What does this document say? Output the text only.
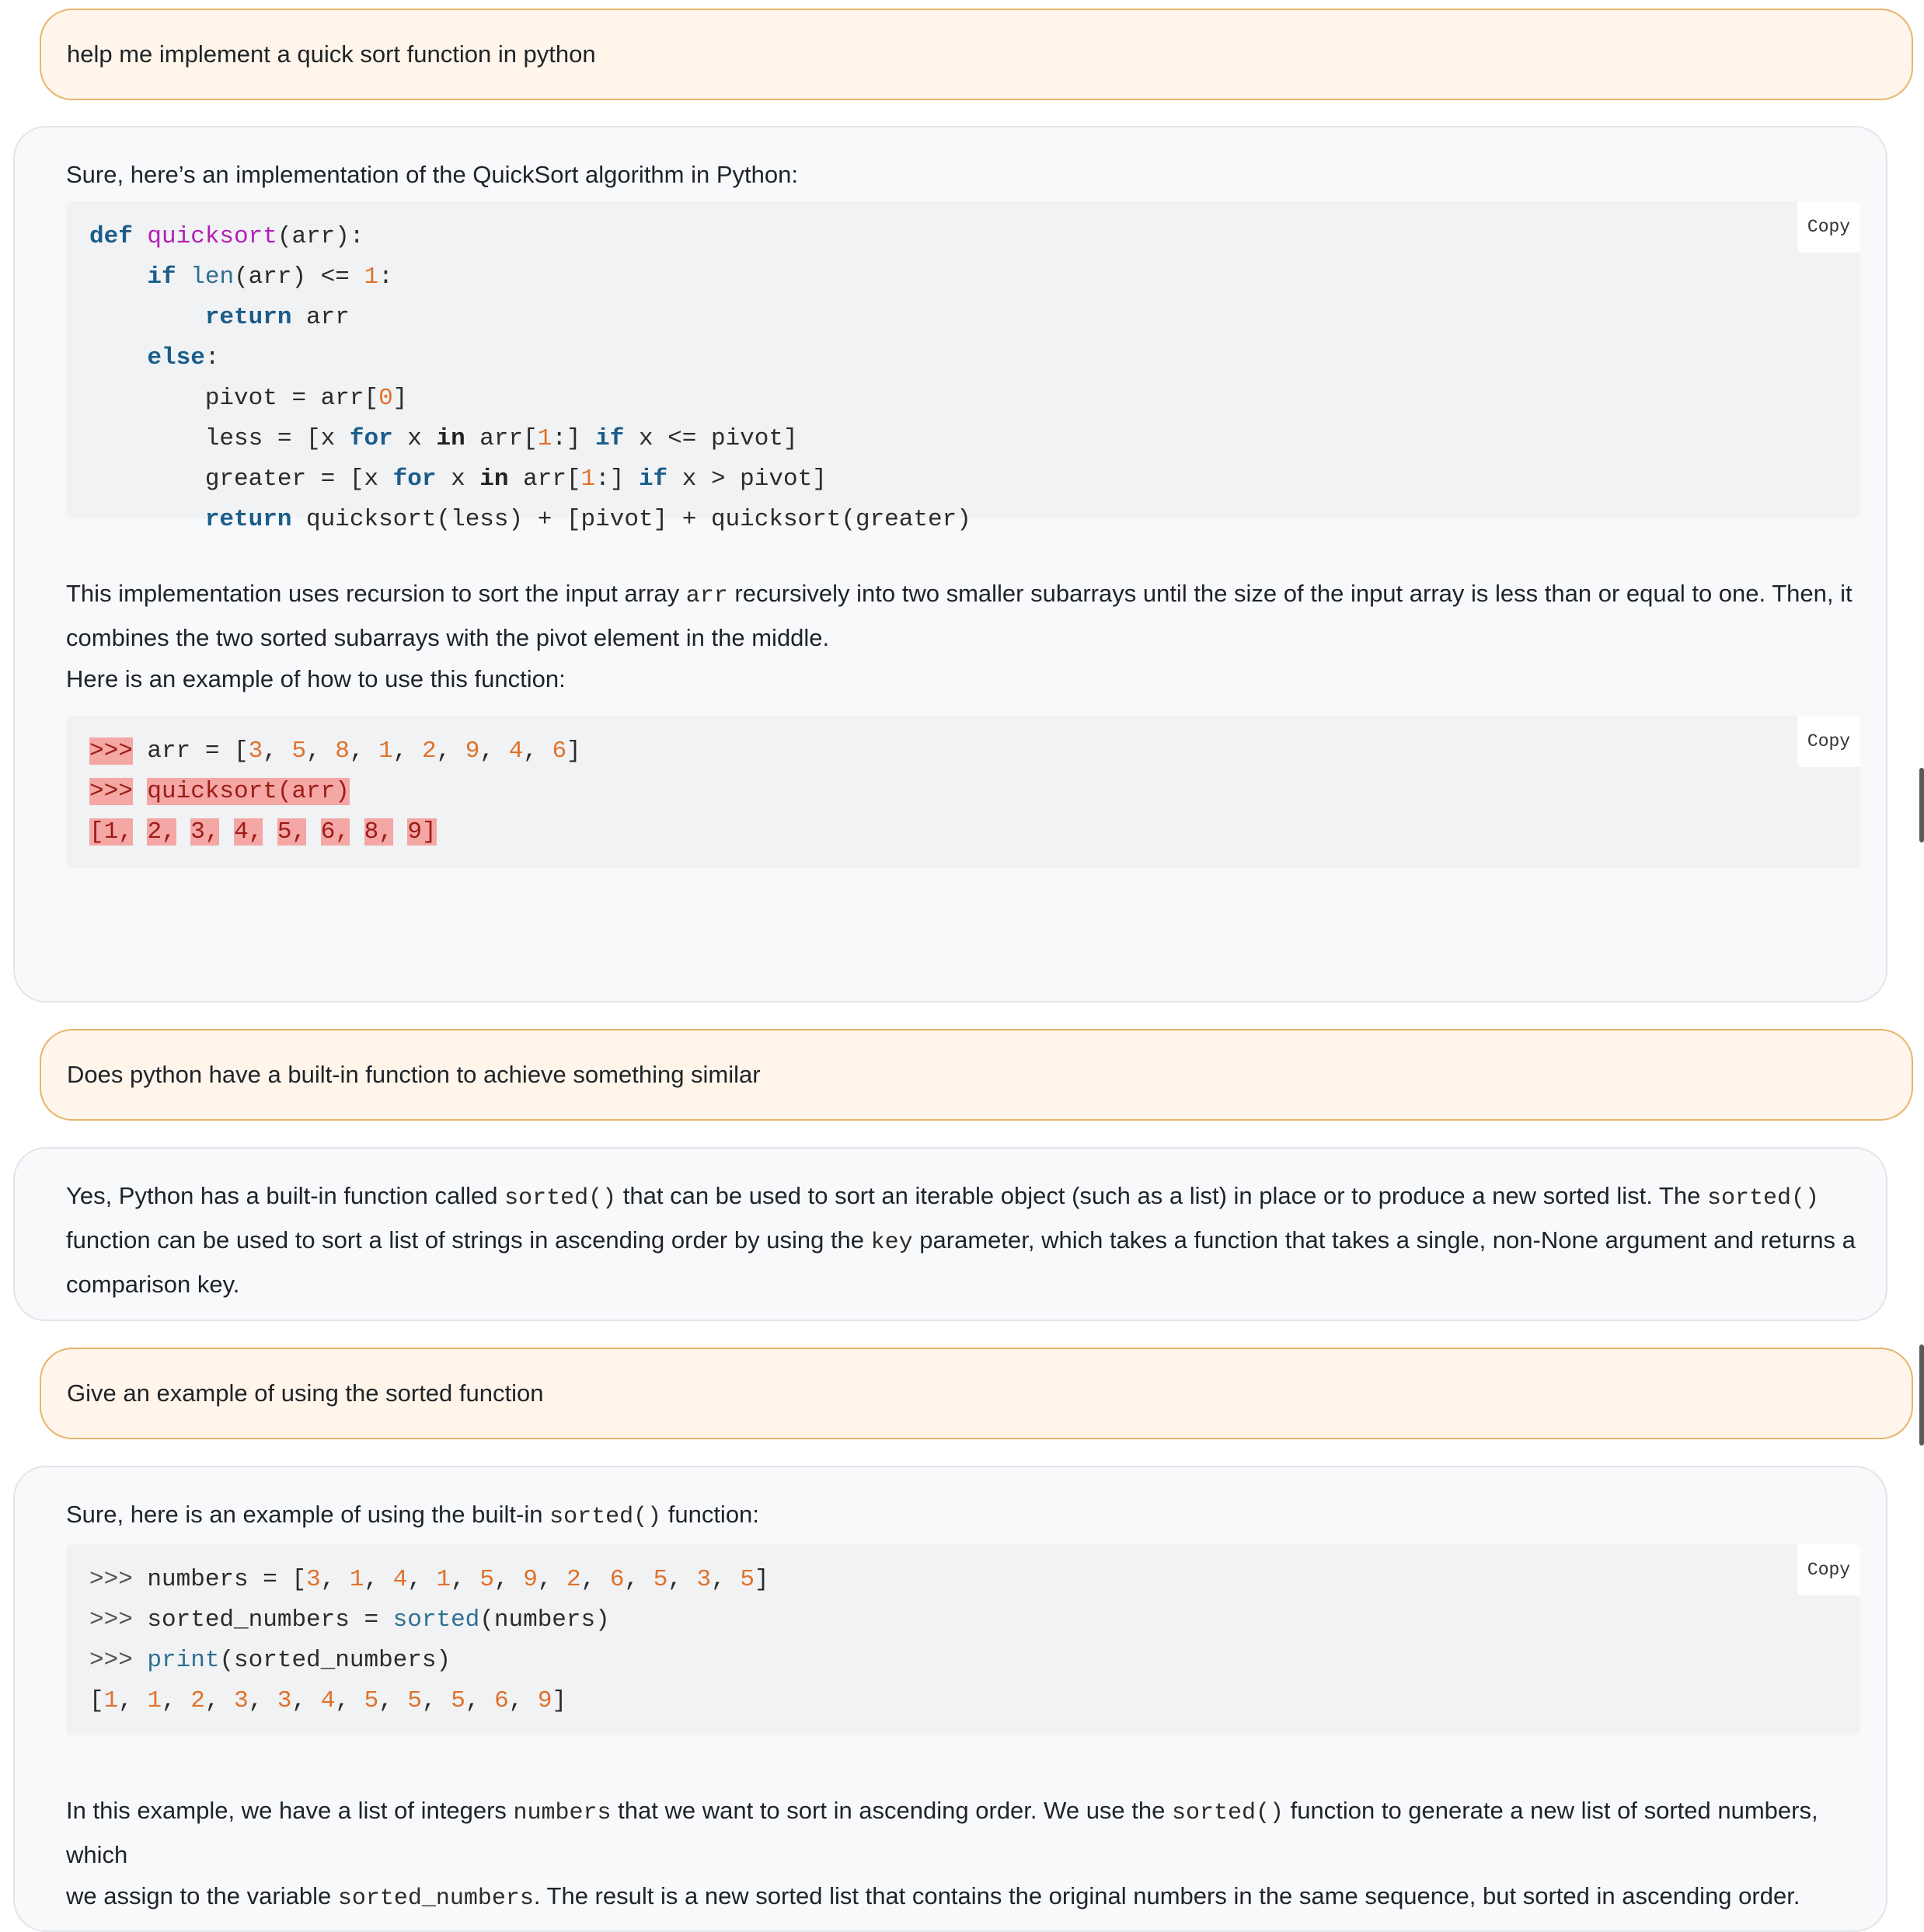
help me implement a quick sort function in python

Sure, here’s an implementation of the QuickSort algorithm in Python:

Copy
def quicksort(arr):
if len(arr) <= 1:
return arr
else:
pivot = arr[0]
less = [x for x in arr[1:] if x <= pivot]
greater = [x for x in arr[1:] if x > pivot]
return quicksort(less) + [pivot] + quicksort(greater)

This implementation uses recursion to sort the input array arr recursively into two smaller subarrays until the size of the input array is less than or equal to one. Then, it

combines the two sorted subarrays with the pivot element in the middle.

Here is an example of how to use this function:

Copy
>>> arr = [3, 5, 8, 1, 2, 9, 4, 6]
>>> quicksort(arr)
[1, 2, 3, 4, 5, 6, 8, 9]
Does python have a built-in function to achieve something similar

Yes, Python has a built-in function called sorted() that can be used to sort an iterable object (such as a list) in place or to produce a new sorted list. The sorted()

function can be used to sort a list of strings in ascending order by using the key parameter, which takes a function that takes a single, non-None argument and returns a

comparison key.

Give an example of using the sorted function

Sure, here is an example of using the built-in sorted() function:

Copy
>>> numbers = [3, 1, 4, 1, 5, 9, 2, 6, 5, 3, 5]
>>> sorted_numbers = sorted(numbers)
>>> print(sorted_numbers)
[1, 1, 2, 3, 3, 4, 5, 5, 5, 6, 9]

In this example, we have a list of integers numbers that we want to sort in ascending order. We use the sorted() function to generate a new list of sorted numbers, which

we assign to the variable sorted_numbers. The result is a new sorted list that contains the original numbers in the same sequence, but sorted in ascending order.
